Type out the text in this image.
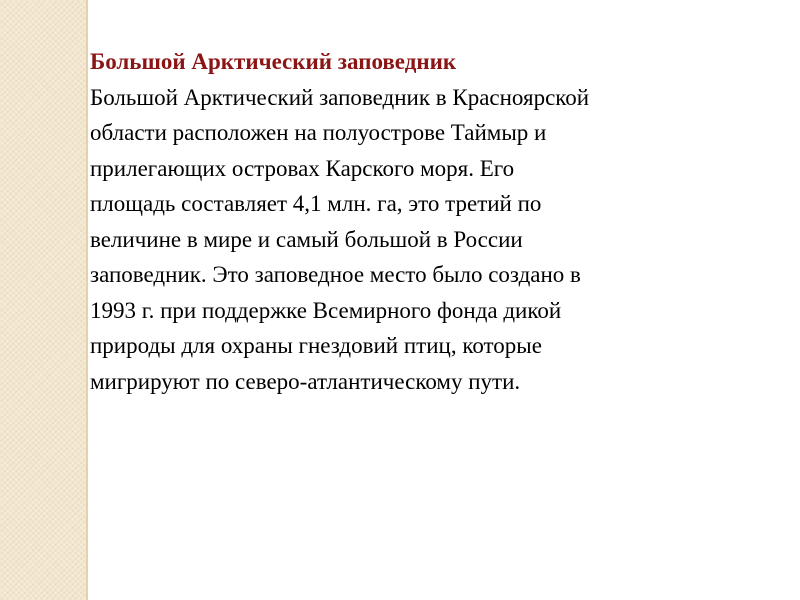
Большой Арктический заповедник

Большой Арктический заповедник в Красноярской

области расположен на полуострове Таймыр и

прилегающих островах Карского моря. Его

площадь составляет 4,1 млн. га, это третий по

величине в мире и самый большой в России

заповедник. Это заповедное место было создано в

1993 г. при поддержке Всемирного фонда дикой

природы для охраны гнездовий птиц, которые

мигрируют по северо-атлантическому пути.
